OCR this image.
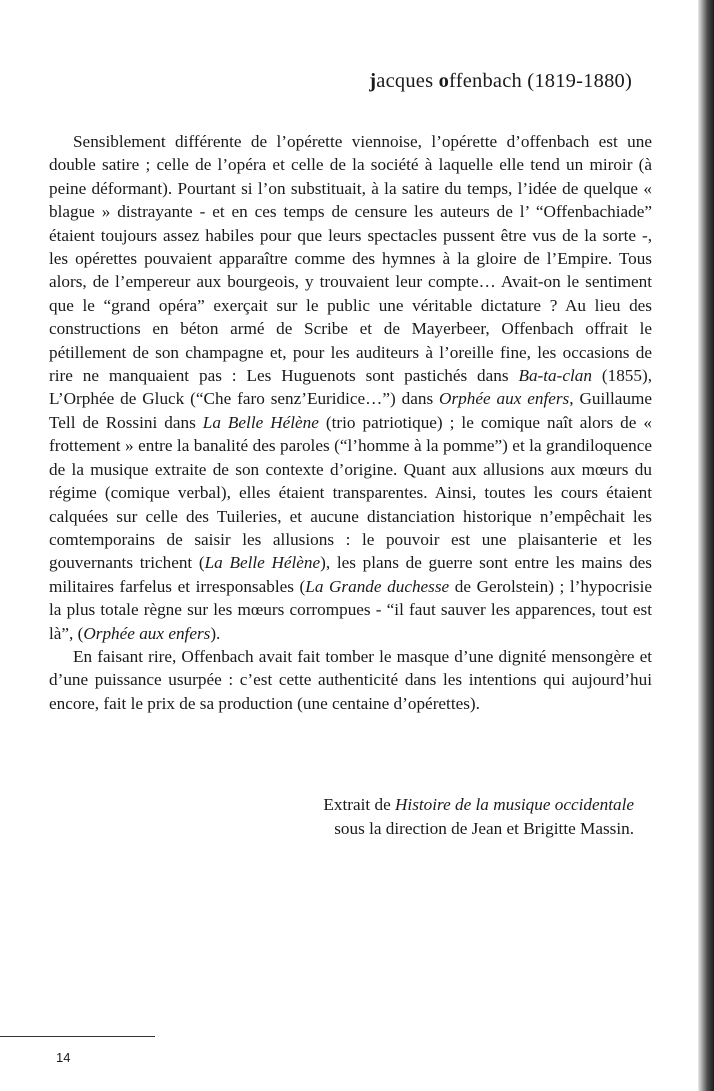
jacques offenbach (1819-1880)

Sensiblement différente de l’opérette viennoise, l’opérette d’offenbach est une double satire ; celle de l’opéra et celle de la société à laquelle elle tend un miroir (à peine déformant). Pourtant si l’on substituait, à la satire du temps, l’idée de quelque « blague » distrayante - et en ces temps de censure les auteurs de l’ “Offenbachiade” étaient toujours assez habiles pour que leurs spectacles pussent être vus de la sorte -, les opérettes pouvaient apparaître comme des hymnes à la gloire de l’Empire. Tous alors, de l’empereur aux bourgeois, y trouvaient leur compte… Avait-on le sentiment que le “grand opéra” exerçait sur le public une véritable dictature ? Au lieu des constructions en béton armé de Scribe et de Mayerbeer, Offenbach offrait le pétillement de son champagne et, pour les auditeurs à l’oreille fine, les occasions de rire ne manquaient pas : Les Huguenots sont pastichés dans Ba-ta-clan (1855), L’Orphée de Gluck (“Che faro senz’Euridice…”) dans Orphée aux enfers, Guillaume Tell de Rossini dans La Belle Hélène (trio patriotique) ; le comique naît alors de « frottement » entre la banalité des paroles (“l’homme à la pomme”) et la grandiloquence de la musique extraite de son contexte d’origine. Quant aux allusions aux mœurs du régime (comique verbal), elles étaient transparentes. Ainsi, toutes les cours étaient calquées sur celle des Tuileries, et aucune distanciation historique n’empêchait les comtemporains de saisir les allusions : le pouvoir est une plaisanterie et les gouvernants trichent (La Belle Hélène), les plans de guerre sont entre les mains des militaires farfelus et irresponsables (La Grande duchesse de Gerolstein) ; l’hypocrisie la plus totale règne sur les mœurs corrompues - “il faut sauver les apparences, tout est là”, (Orphée aux enfers).

En faisant rire, Offenbach avait fait tomber le masque d’une dignité mensongère et d’une puissance usurpée : c’est cette authenticité dans les intentions qui aujourd’hui encore, fait le prix de sa production (une centaine d’opérettes).

Extrait de Histoire de la musique occidentale
sous la direction de Jean et Brigitte Massin.
14
